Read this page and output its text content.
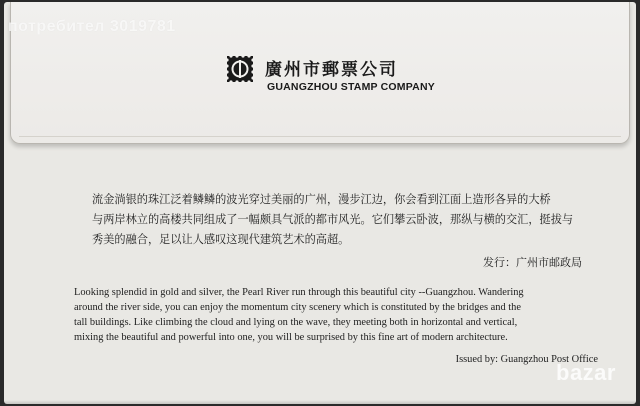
廣州市郵票公司
GUANGZHOU STAMP COMPANY
потребител 3019781
流金淌银的珠江泛着鳞鳞的波光穿过美丽的广州，漫步江边，你会看到江面上造形各异的大桥
与两岸林立的高楼共同组成了一幅颇具气派的都市风光。它们攀云卧波，那纵与横的交汇，挺拔与
秀美的融合，足以让人感叹这现代建筑艺术的高超。
发行：广州市邮政局
Looking splendid in gold and silver, the Pearl River run through this beautiful city --Guangzhou. Wandering
around the river side, you can enjoy the momentum city scenery which is constituted by the bridges and the
tall buildings. Like climbing the cloud and lying on the wave, they meeting both in horizontal and vertical,
mixing the beautiful and powerful into one, you will be surprised by this fine art of modern architecture.
Issued by: Guangzhou Post Office
bazar
